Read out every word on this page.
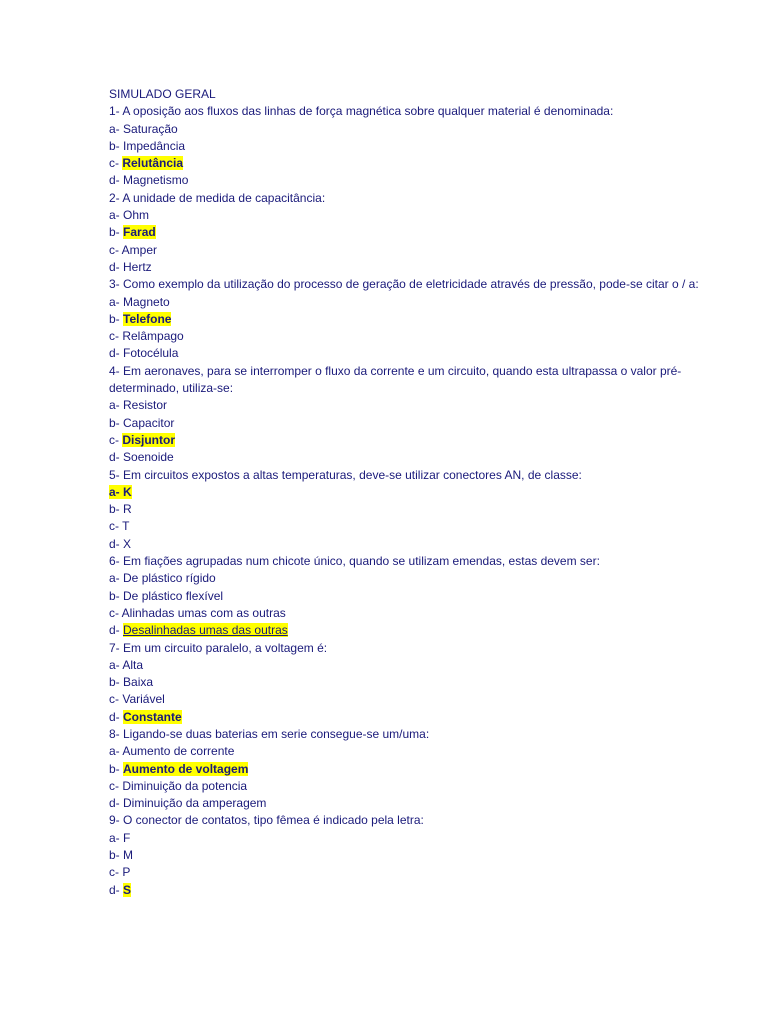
SIMULADO GERAL
1- A oposição aos fluxos das linhas de força magnética sobre qualquer material é denominada:
a- Saturação
b- Impedância
c- Relutância
d- Magnetismo
2- A unidade de medida de capacitância:
a- Ohm
b- Farad
c- Amper
d- Hertz
3- Como exemplo da utilização do processo de geração de eletricidade através de pressão, pode-se citar o / a:
a- Magneto
b- Telefone
c- Relâmpago
d- Fotocélula
4- Em aeronaves, para se interromper o fluxo da corrente e um circuito, quando esta ultrapassa o valor pré-determinado, utiliza-se:
a- Resistor
b- Capacitor
c- Disjuntor
d- Soenoide
5- Em circuitos expostos a altas temperaturas, deve-se utilizar conectores AN, de classe:
a- K
b- R
c- T
d- X
6- Em fiações agrupadas num chicote único, quando se utilizam emendas, estas devem ser:
a- De plástico rígido
b- De plástico flexível
c- Alinhadas umas com as outras
d- Desalinhadas umas das outras
7- Em um circuito paralelo, a voltagem é:
a- Alta
b- Baixa
c- Variável
d- Constante
8- Ligando-se duas baterias em serie consegue-se um/uma:
a- Aumento de corrente
b- Aumento de voltagem
c- Diminuição da potencia
d- Diminuição da amperagem
9- O conector de contatos, tipo fêmea é indicado pela letra:
a- F
b- M
c- P
d- S
